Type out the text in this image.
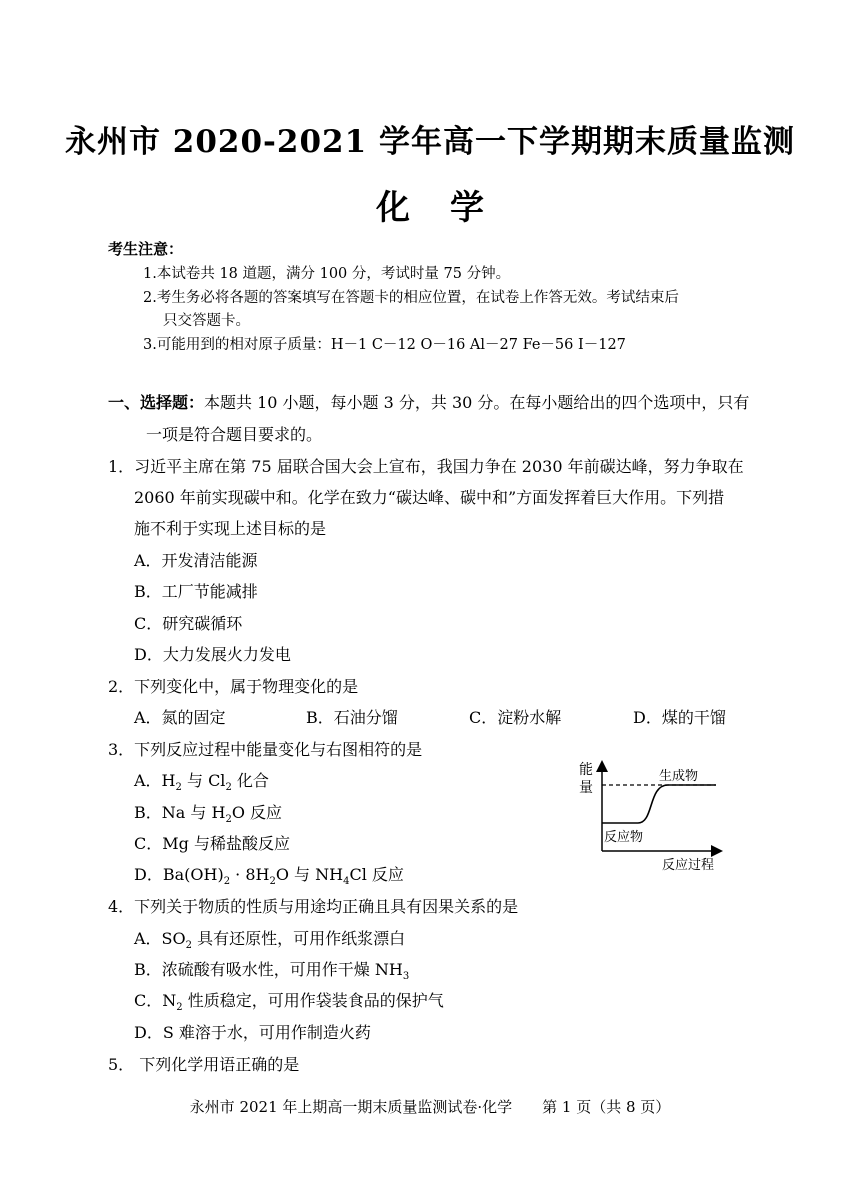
永州市 2020-2021 学年高一下学期期末质量监测
化学
考生注意：
1.本试卷共 18 道题，满分 100 分，考试时量 75 分钟。
2.考生务必将各题的答案填写在答题卡的相应位置，在试卷上作答无效。考试结束后
只交答题卡。
3.可能用到的相对原子质量：H－1 C－12 O－16 Al－27 Fe－56 I－127
一、选择题：本题共 10 小题，每小题 3 分，共 30 分。在每小题给出的四个选项中，只有
一项是符合题目要求的。
1．习近平主席在第 75 届联合国大会上宣布，我国力争在 2030 年前碳达峰，努力争取在
2060 年前实现碳中和。化学在致力“碳达峰、碳中和”方面发挥着巨大作用。下列措
施不利于实现上述目标的是
A．开发清洁能源
B．工厂节能减排
C．研究碳循环
D．大力发展火力发电
2．下列变化中，属于物理变化的是
A．氮的固定	B．石油分馏	C．淀粉水解	D．煤的干馏
3．下列反应过程中能量变化与右图相符的是
A．$H_2$ 与 $Cl_2$ 化合
B．Na 与 $H_2O$ 反应
C．Mg 与稀盐酸反应
D．$Ba(OH)_2 \cdot 8H_2O$ 与 $NH_4Cl$ 反应
能
量
生成物
反应物
反应过程
4．下列关于物质的性质与用途均正确且具有因果关系的是
A．$SO_2$ 具有还原性，可用作纸浆漂白
B．浓硫酸有吸水性，可用作干燥 $NH_3$
C．$N_2$ 性质稳定，可用作袋装食品的保护气
D．S 难溶于水，可用作制造火药
5． 下列化学用语正确的是
永州市 2021 年上期高一期末质量监测试卷·化学　　第 1 页（共 8 页）
